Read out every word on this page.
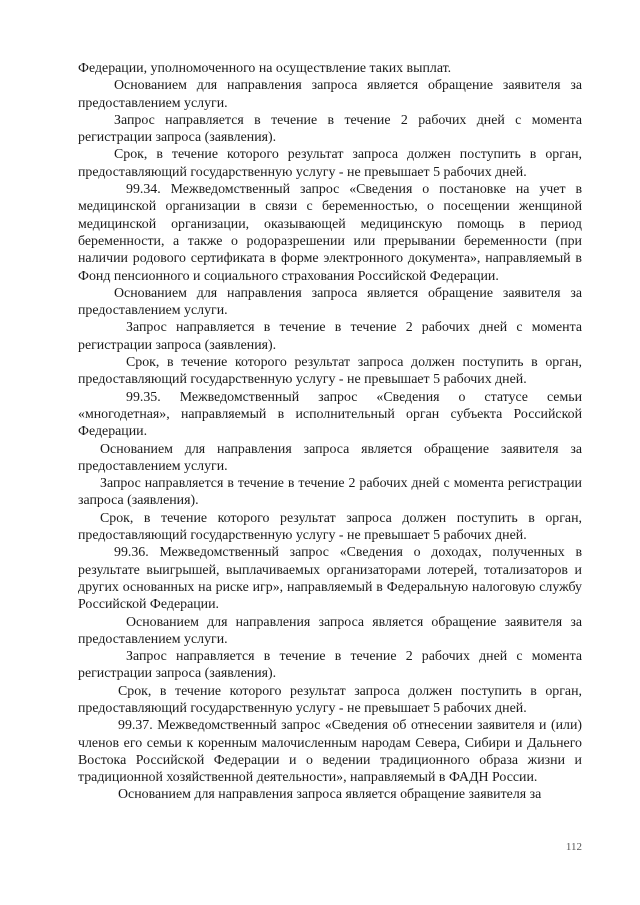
Федерации, уполномоченного на осуществление таких выплат.

Основанием для направления запроса является обращение заявителя за предоставлением услуги.

Запрос направляется в течение в течение 2 рабочих дней с момента регистрации запроса (заявления).

Срок, в течение которого результат запроса должен поступить в орган, предоставляющий государственную услугу - не превышает 5 рабочих дней.

99.34. Межведомственный запрос «Сведения о постановке на учет в медицинской организации в связи с беременностью, о посещении женщиной медицинской организации, оказывающей медицинскую помощь в период беременности, а также о родоразрешении или прерывании беременности (при наличии родового сертификата в форме электронного документа», направляемый в Фонд пенсионного и социального страхования Российской Федерации.

Основанием для направления запроса является обращение заявителя за предоставлением услуги.

Запрос направляется в течение в течение 2 рабочих дней с момента регистрации запроса (заявления).

Срок, в течение которого результат запроса должен поступить в орган, предоставляющий государственную услугу - не превышает 5 рабочих дней.

99.35. Межведомственный запрос «Сведения о статусе семьи «многодетная», направляемый в исполнительный орган субъекта Российской Федерации.

Основанием для направления запроса является обращение заявителя за предоставлением услуги.

Запрос направляется в течение в течение 2 рабочих дней с момента регистрации запроса (заявления).

Срок, в течение которого результат запроса должен поступить в орган, предоставляющий государственную услугу - не превышает 5 рабочих дней.

99.36. Межведомственный запрос «Сведения о доходах, полученных в результате выигрышей, выплачиваемых организаторами лотерей, тотализаторов и других основанных на риске игр», направляемый в Федеральную налоговую службу Российской Федерации.

Основанием для направления запроса является обращение заявителя за предоставлением услуги.

Запрос направляется в течение в течение 2 рабочих дней с момента регистрации запроса (заявления).

Срок, в течение которого результат запроса должен поступить в орган, предоставляющий государственную услугу - не превышает 5 рабочих дней.

99.37. Межведомственный запрос «Сведения об отнесении заявителя и (или) членов его семьи к коренным малочисленным народам Севера, Сибири и Дальнего Востока Российской Федерации и о ведении традиционного образа жизни и традиционной хозяйственной деятельности», направляемый в ФАДН России.

Основанием для направления запроса является обращение заявителя за

112
